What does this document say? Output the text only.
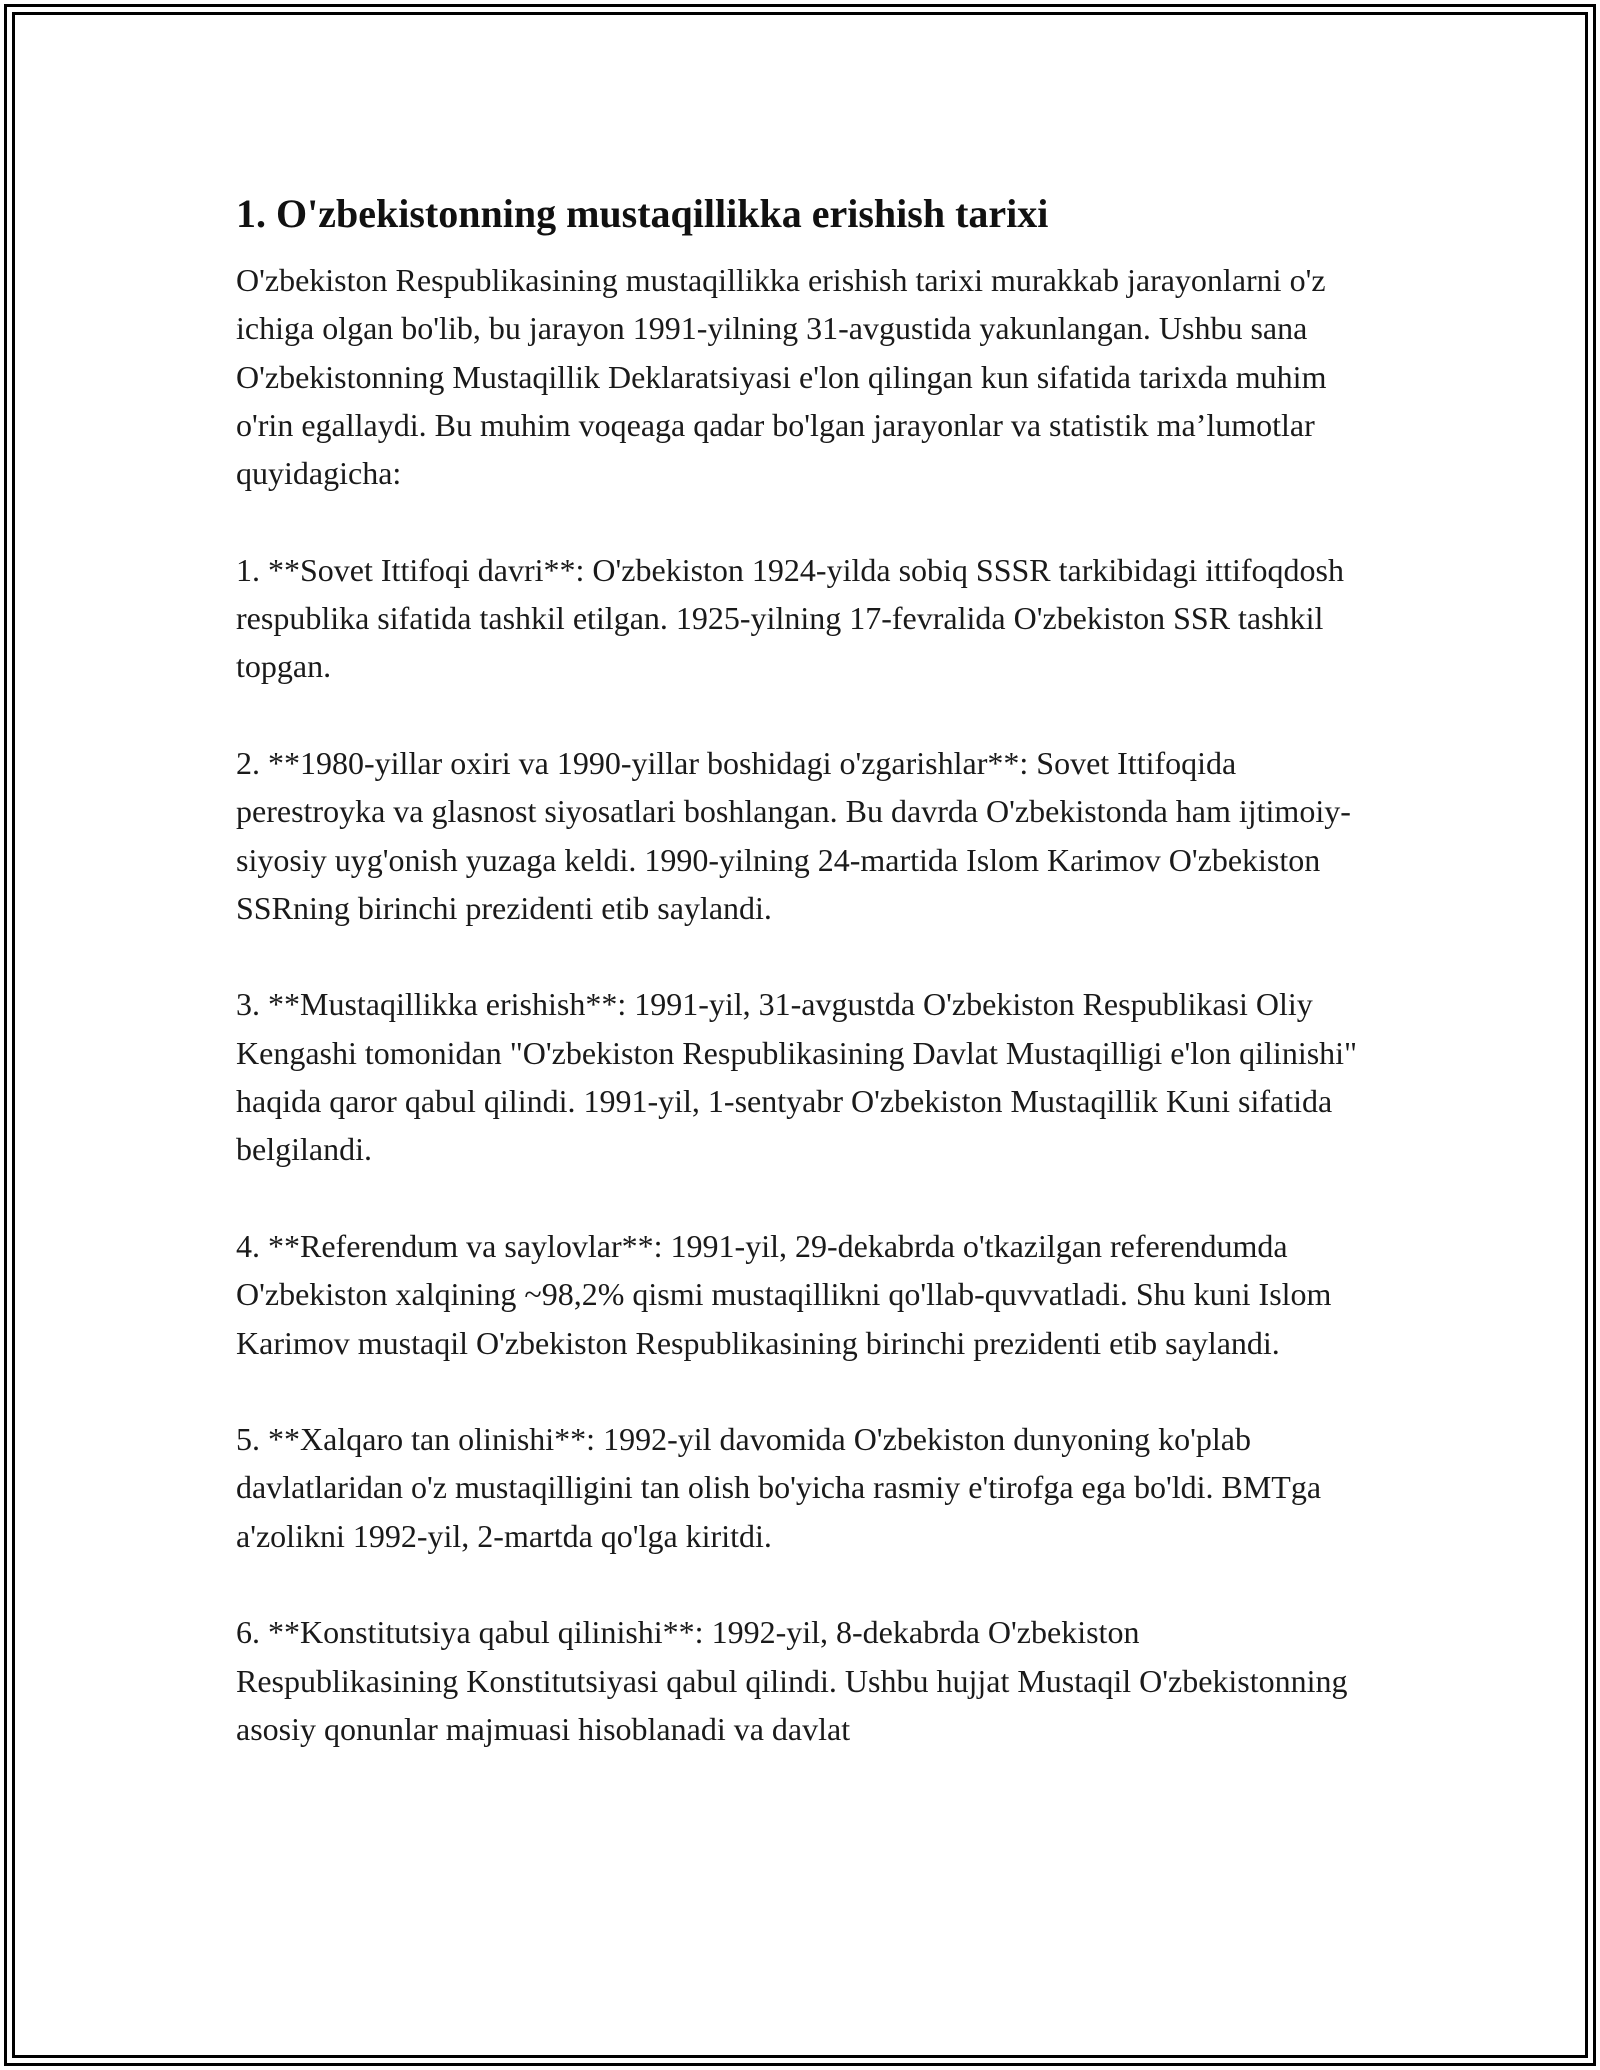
1. O'zbekistonning mustaqillikka erishish tarixi

O'zbekiston Respublikasining mustaqillikka erishish tarixi murakkab jarayonlarni o'z ichiga olgan bo'lib, bu jarayon 1991-yilning 31-avgustida yakunlangan. Ushbu sana O'zbekistonning Mustaqillik Deklaratsiyasi e'lon qilingan kun sifatida tarixda muhim o'rin egallaydi. Bu muhim voqeaga qadar bo'lgan jarayonlar va statistik ma’lumotlar quyidagicha:

1. **Sovet Ittifoqi davri**: O'zbekiston 1924-yilda sobiq SSSR tarkibidagi ittifoqdosh respublika sifatida tashkil etilgan. 1925-yilning 17-fevralida O'zbekiston SSR tashkil topgan.

2. **1980-yillar oxiri va 1990-yillar boshidagi o'zgarishlar**: Sovet Ittifoqida perestroyka va glasnost siyosatlari boshlangan. Bu davrda O'zbekistonda ham ijtimoiy-siyosiy uyg'onish yuzaga keldi. 1990-yilning 24-martida Islom Karimov O'zbekiston SSRning birinchi prezidenti etib saylandi.

3. **Mustaqillikka erishish**: 1991-yil, 31-avgustda O'zbekiston Respublikasi Oliy Kengashi tomonidan "O'zbekiston Respublikasining Davlat Mustaqilligi e'lon qilinishi" haqida qaror qabul qilindi. 1991-yil, 1-sentyabr O'zbekiston Mustaqillik Kuni sifatida belgilandi.

4. **Referendum va saylovlar**: 1991-yil, 29-dekabrda o'tkazilgan referendumda O'zbekiston xalqining ~98,2% qismi mustaqillikni qo'llab-quvvatladi. Shu kuni Islom Karimov mustaqil O'zbekiston Respublikasining birinchi prezidenti etib saylandi.

5. **Xalqaro tan olinishi**: 1992-yil davomida O'zbekiston dunyoning ko'plab davlatlaridan o'z mustaqilligini tan olish bo'yicha rasmiy e'tirofga ega bo'ldi. BMTga a'zolikni 1992-yil, 2-martda qo'lga kiritdi.

6. **Konstitutsiya qabul qilinishi**: 1992-yil, 8-dekabrda O'zbekiston Respublikasining Konstitutsiyasi qabul qilindi. Ushbu hujjat Mustaqil O'zbekistonning asosiy qonunlar majmuasi hisoblanadi va davlat
